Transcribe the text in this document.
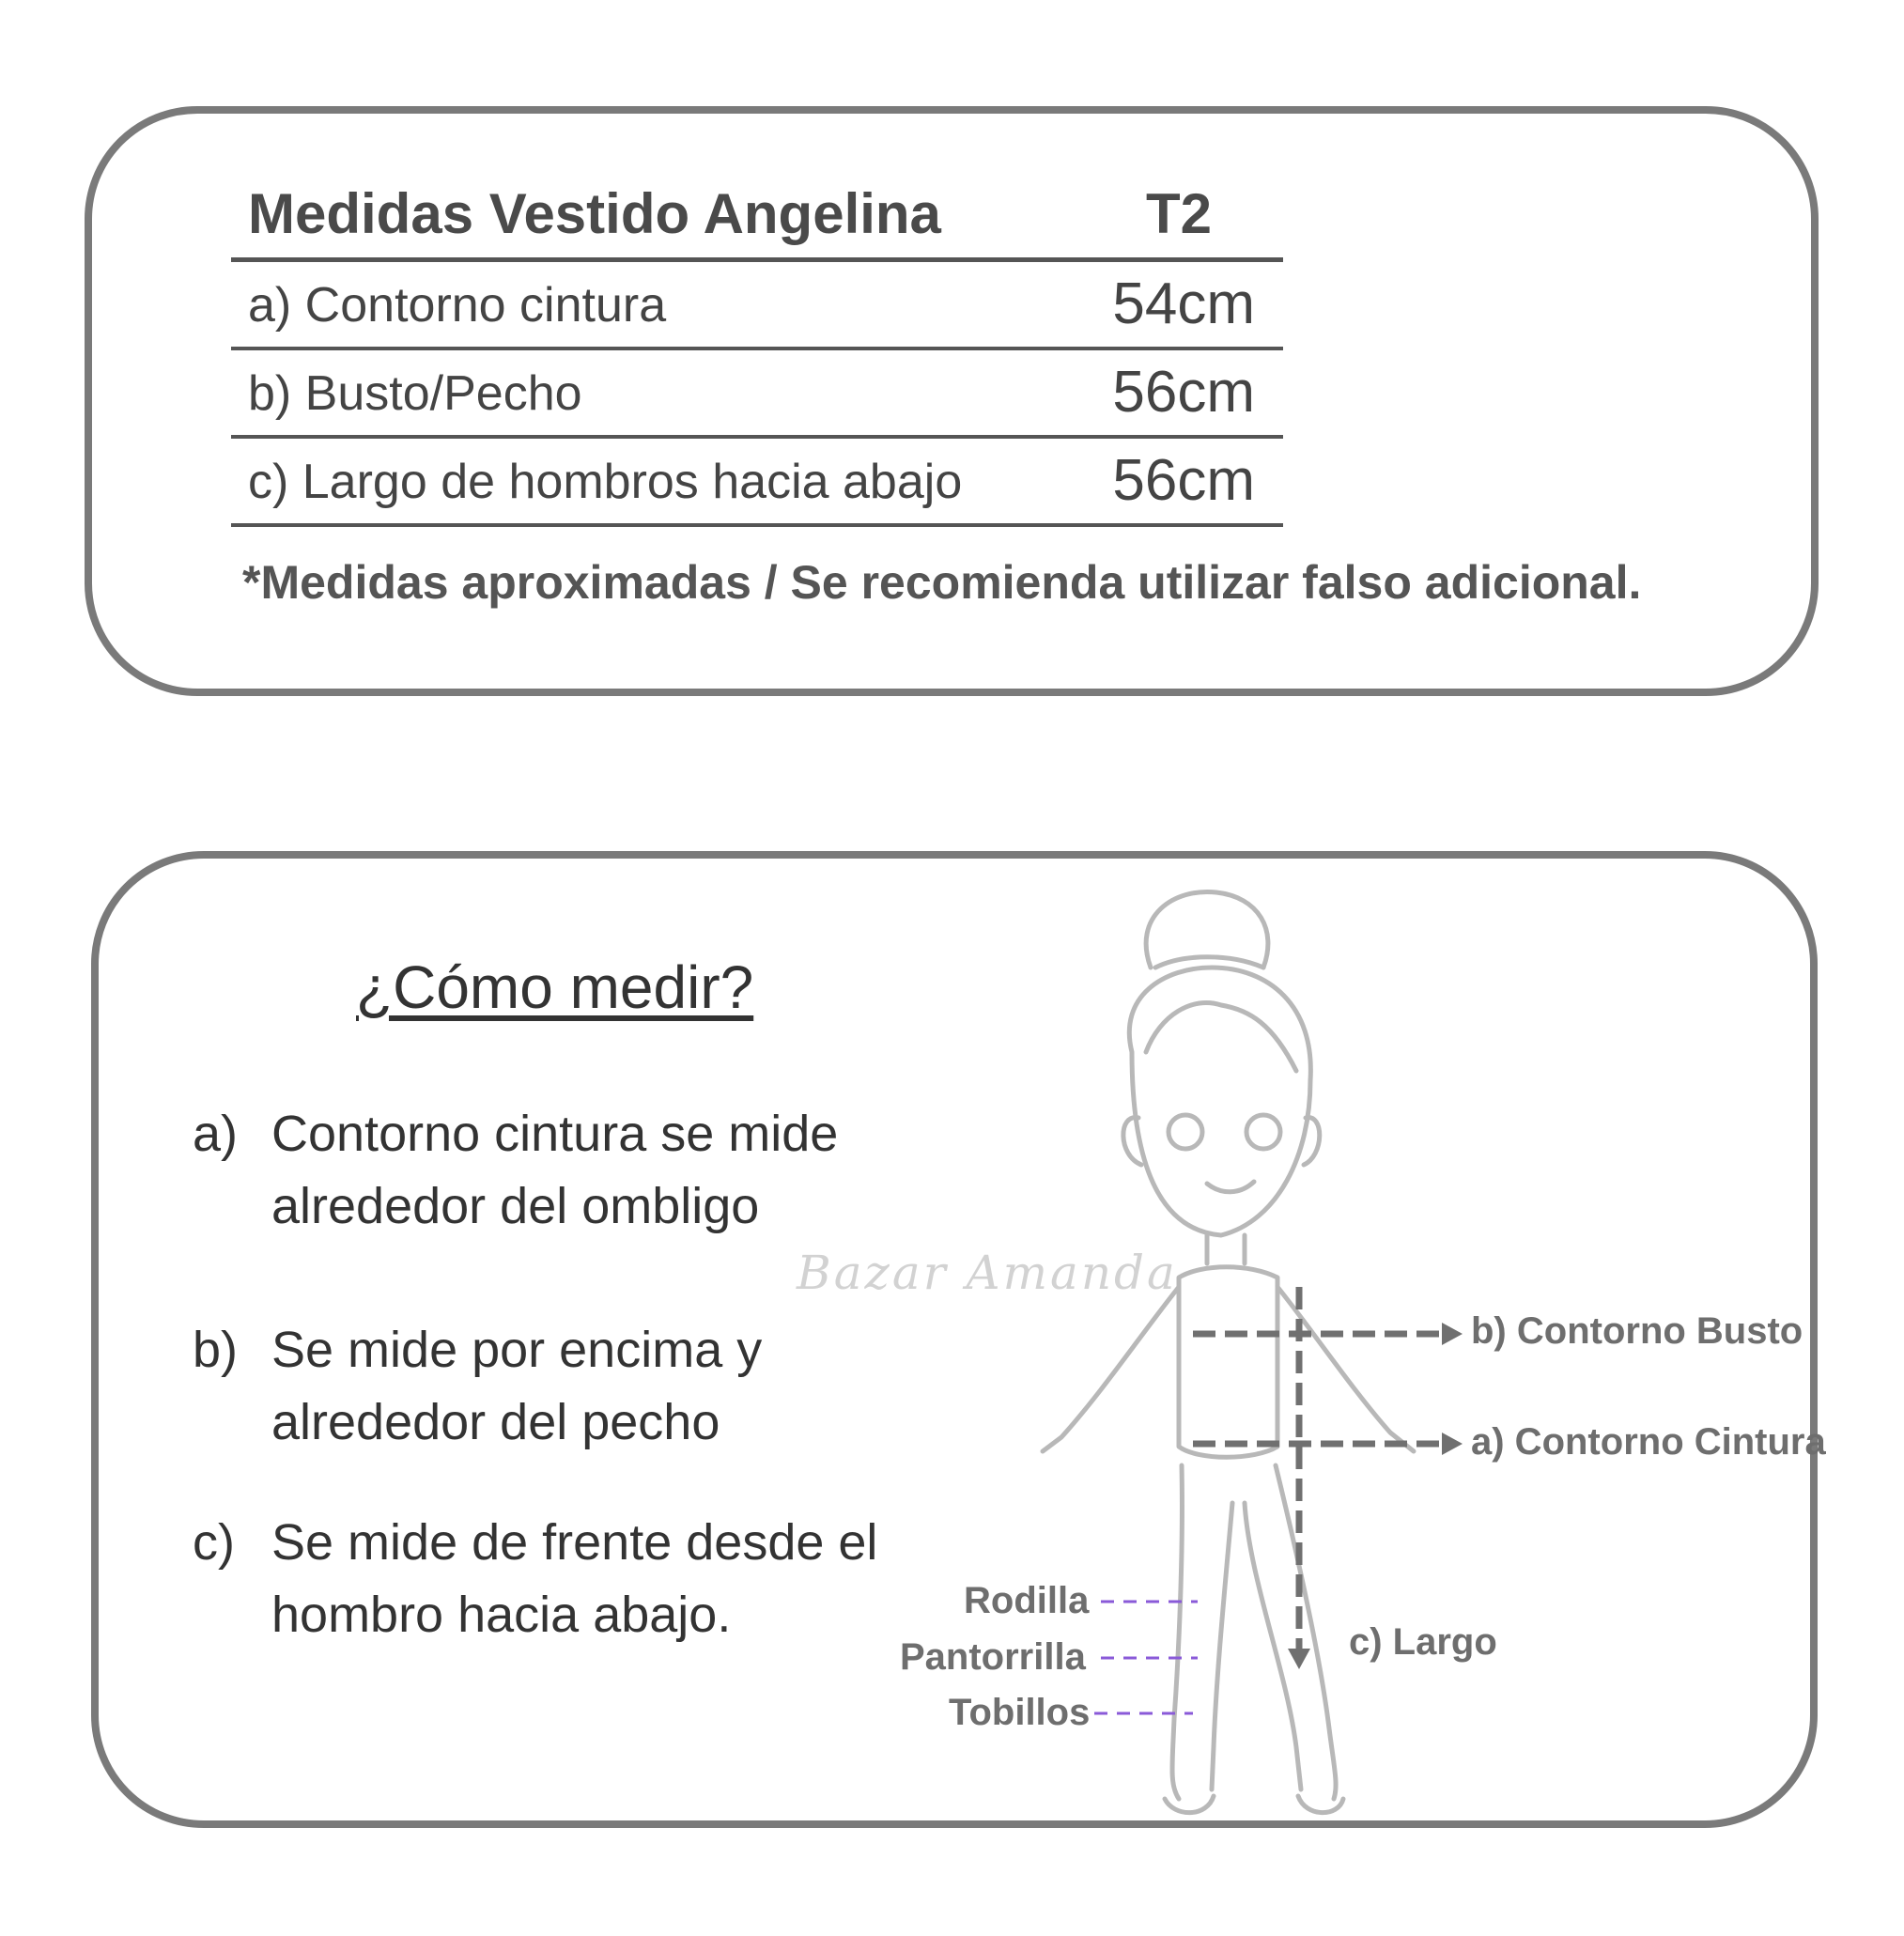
Medidas Vestido Angelina	T2
a) Contorno cintura	54cm
b) Busto/Pecho	56cm
c) Largo de hombros hacia abajo	56cm
*Medidas aproximadas / Se recomienda utilizar falso adicional.
¿Cómo medir?
a) Contorno cintura se mide alrededor del ombligo
b) Se mide por encima y alrededor del pecho
c) Se mide de frente desde el hombro hacia abajo.
Bazar Amanda
b) Contorno Busto
a) Contorno Cintura
c) Largo
Rodilla
Pantorrilla
Tobillos
